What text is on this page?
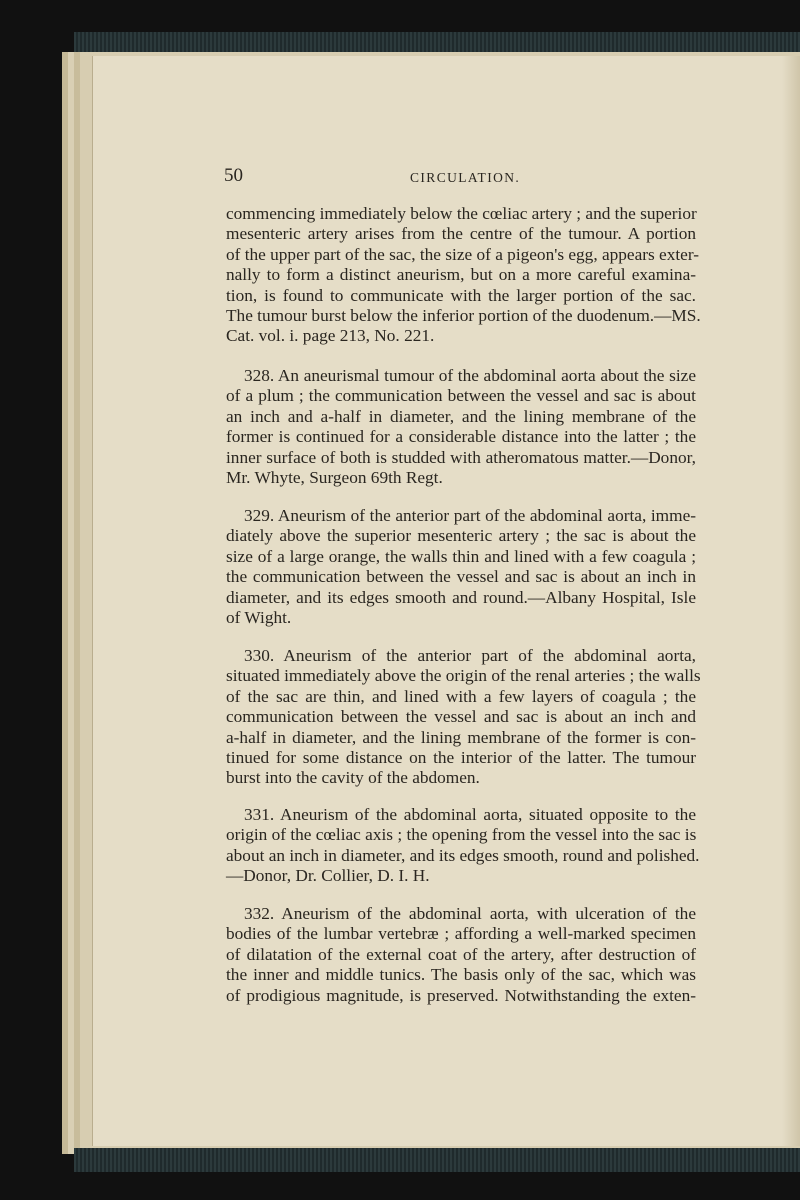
50	CIRCULATION.
commencing immediately below the cœliac artery ; and the superior
mesenteric artery arises from the centre of the tumour. A portion
of the upper part of the sac, the size of a pigeon's egg, appears exter-
nally to form a distinct aneurism, but on a more careful examina-
tion, is found to communicate with the larger portion of the sac.
The tumour burst below the inferior portion of the duodenum.—MS.
Cat. vol. i. page 213, No. 221.
328. An aneurismal tumour of the abdominal aorta about the size
of a plum ; the communication between the vessel and sac is about
an inch and a-half in diameter, and the lining membrane of the
former is continued for a considerable distance into the latter ; the
inner surface of both is studded with atheromatous matter.—Donor,
Mr. Whyte, Surgeon 69th Regt.
329. Aneurism of the anterior part of the abdominal aorta, imme-
diately above the superior mesenteric artery ; the sac is about the
size of a large orange, the walls thin and lined with a few coagula ;
the communication between the vessel and sac is about an inch in
diameter, and its edges smooth and round.—Albany Hospital, Isle
of Wight.
330. Aneurism of the anterior part of the abdominal aorta,
situated immediately above the origin of the renal arteries ; the walls
of the sac are thin, and lined with a few layers of coagula ; the
communication between the vessel and sac is about an inch and
a-half in diameter, and the lining membrane of the former is con-
tinued for some distance on the interior of the latter. The tumour
burst into the cavity of the abdomen.
331. Aneurism of the abdominal aorta, situated opposite to the
origin of the cœliac axis ; the opening from the vessel into the sac is
about an inch in diameter, and its edges smooth, round and polished.
—Donor, Dr. Collier, D. I. H.
332. Aneurism of the abdominal aorta, with ulceration of the
bodies of the lumbar vertebræ ; affording a well-marked specimen
of dilatation of the external coat of the artery, after destruction of
the inner and middle tunics. The basis only of the sac, which was
of prodigious magnitude, is preserved. Notwithstanding the exten-
